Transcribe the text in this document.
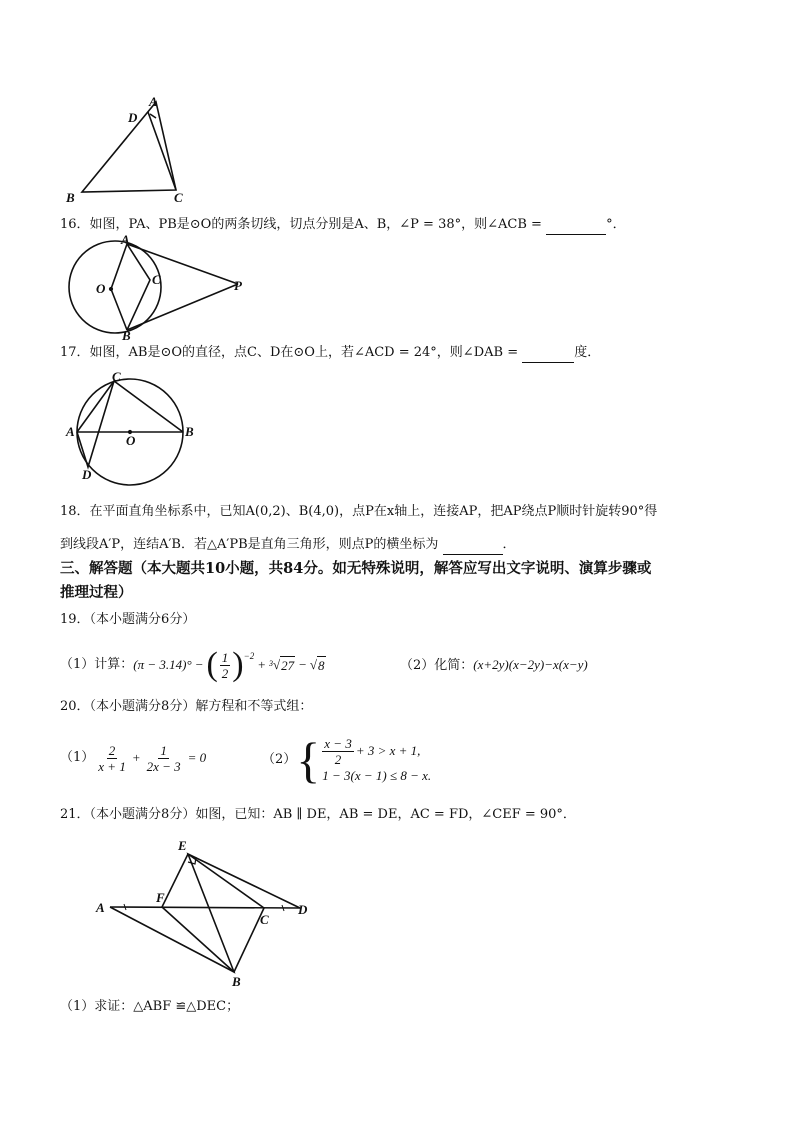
A
D
B	C
16．如图，PA、PB是⊙O的两条切线，切点分别是A、B，∠P = 38°，则∠ACB =	°．
A
B
C
O	P
17．如图，AB是⊙O的直径，点C、D在⊙O上，若∠ACD = 24°，则∠DAB =	度．
C
A
O
B
D
18．在平面直角坐标系中，已知A(0,2)、B(4,0)，点P在x轴上，连接AP，把AP绕点P顺时针旋转90°得
到线段A′P，连结A′B．若△A′PB是直角三角形，则点P的横坐标为	．
三、解答题（本大题共10小题，共84分。如无特殊说明，解答应写出文字说明、演算步骤或
推理过程）
19．（本小题满分6分）
（1）计算： (π − 3.14)° − ( $\frac{1}{2}$ ) −2
+ 3 √ 27 − √ 8	（2）化简：(x+2y)(x−2y)−x(x−y)
20．（本小题满分8分）解方程和不等式组：
$(1) \frac{2}{x + 1} + \frac{1}{2x - 3} = 0$	（2） { $\frac{x - 3}{2} + 3 > x + 1$,
1 − 3(x − 1) ≤ 8 − x.
21．（本小题满分8分）如图，已知：AB ∥ DE，AB = DE，AC = FD，∠CEF = 90°．
E
F
A
C
D
B
（1）求证：△ABF ≌△DEC；
